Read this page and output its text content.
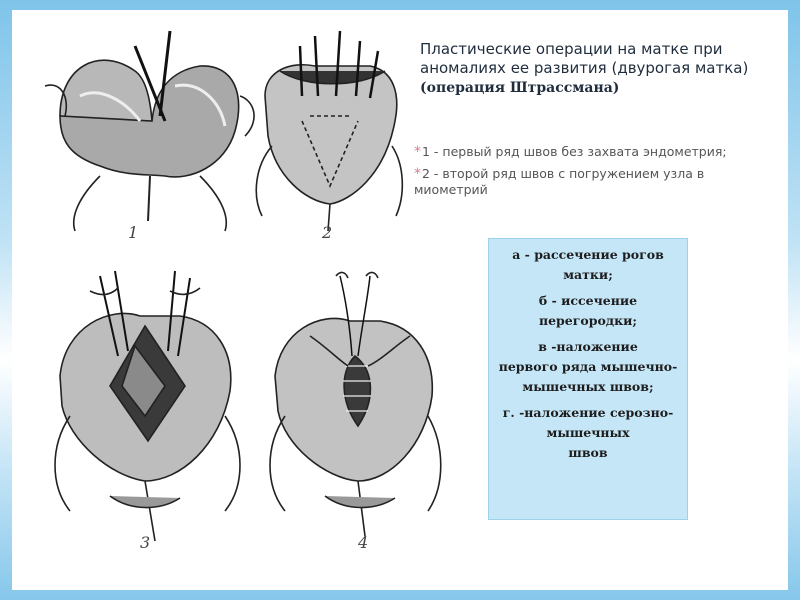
1	2
3	4
Пластические операции на матке при аномалиях ее развития (двурогая матка) (операция Штрассмана)
*1 - первый ряд швов без захвата эндометрия;
*2 - второй ряд швов с погружением узла в миометрий

а - рассечение рогов матки;

б - иссечение перегородки;

в -наложение

первого ряда мышечно-мышечных швов;

г. -наложение серозно-мышечных

швов
